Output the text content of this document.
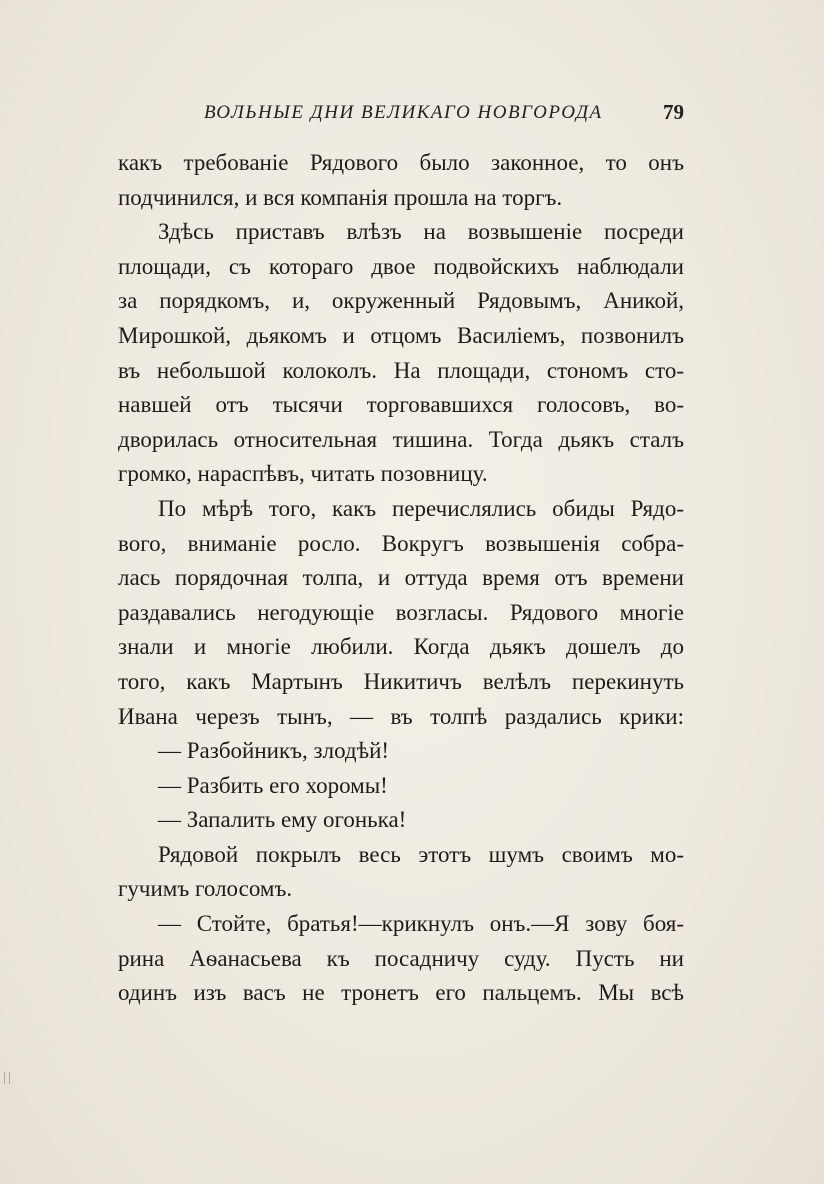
ВОЛЬНЫЕ ДНИ ВЕЛИКАГО НОВГОРОДА	79
какъ требованіе Рядового было законное, то онъ
подчинился, и вся компанія прошла на торгъ.
Здѣсь приставъ влѣзъ на возвышеніе посреди
площади, съ котораго двое подвойскихъ наблюдали
за порядкомъ, и, окруженный Рядовымъ, Аникой,
Мирошкой, дьякомъ и отцомъ Василіемъ, позвонилъ
въ небольшой колоколъ. На площади, стономъ сто-
навшей отъ тысячи торговавшихся голосовъ, во-
дворилась относительная тишина. Тогда дьякъ сталъ
громко, нараспѣвъ, читать позовницу.
По мѣрѣ того, какъ перечислялись обиды Рядо-
вого, вниманіе росло. Вокругъ возвышенія собра-
лась порядочная толпа, и оттуда время отъ времени
раздавались негодующіе возгласы. Рядового многіе
знали и многіе любили. Когда дьякъ дошелъ до
того, какъ Мартынъ Никитичъ велѣлъ перекинуть
Ивана черезъ тынъ, — въ толпѣ раздались крики:
— Разбойникъ, злодѣй!
— Разбить его хоромы!
— Запалить ему огонька!
Рядовой покрылъ весь этотъ шумъ своимъ мо-
гучимъ голосомъ.
— Стойте, братья!—крикнулъ онъ.—Я зову боя-
рина Аѳанасьева къ посадничу суду. Пусть ни
одинъ изъ васъ не тронетъ его пальцемъ. Мы всѣ
